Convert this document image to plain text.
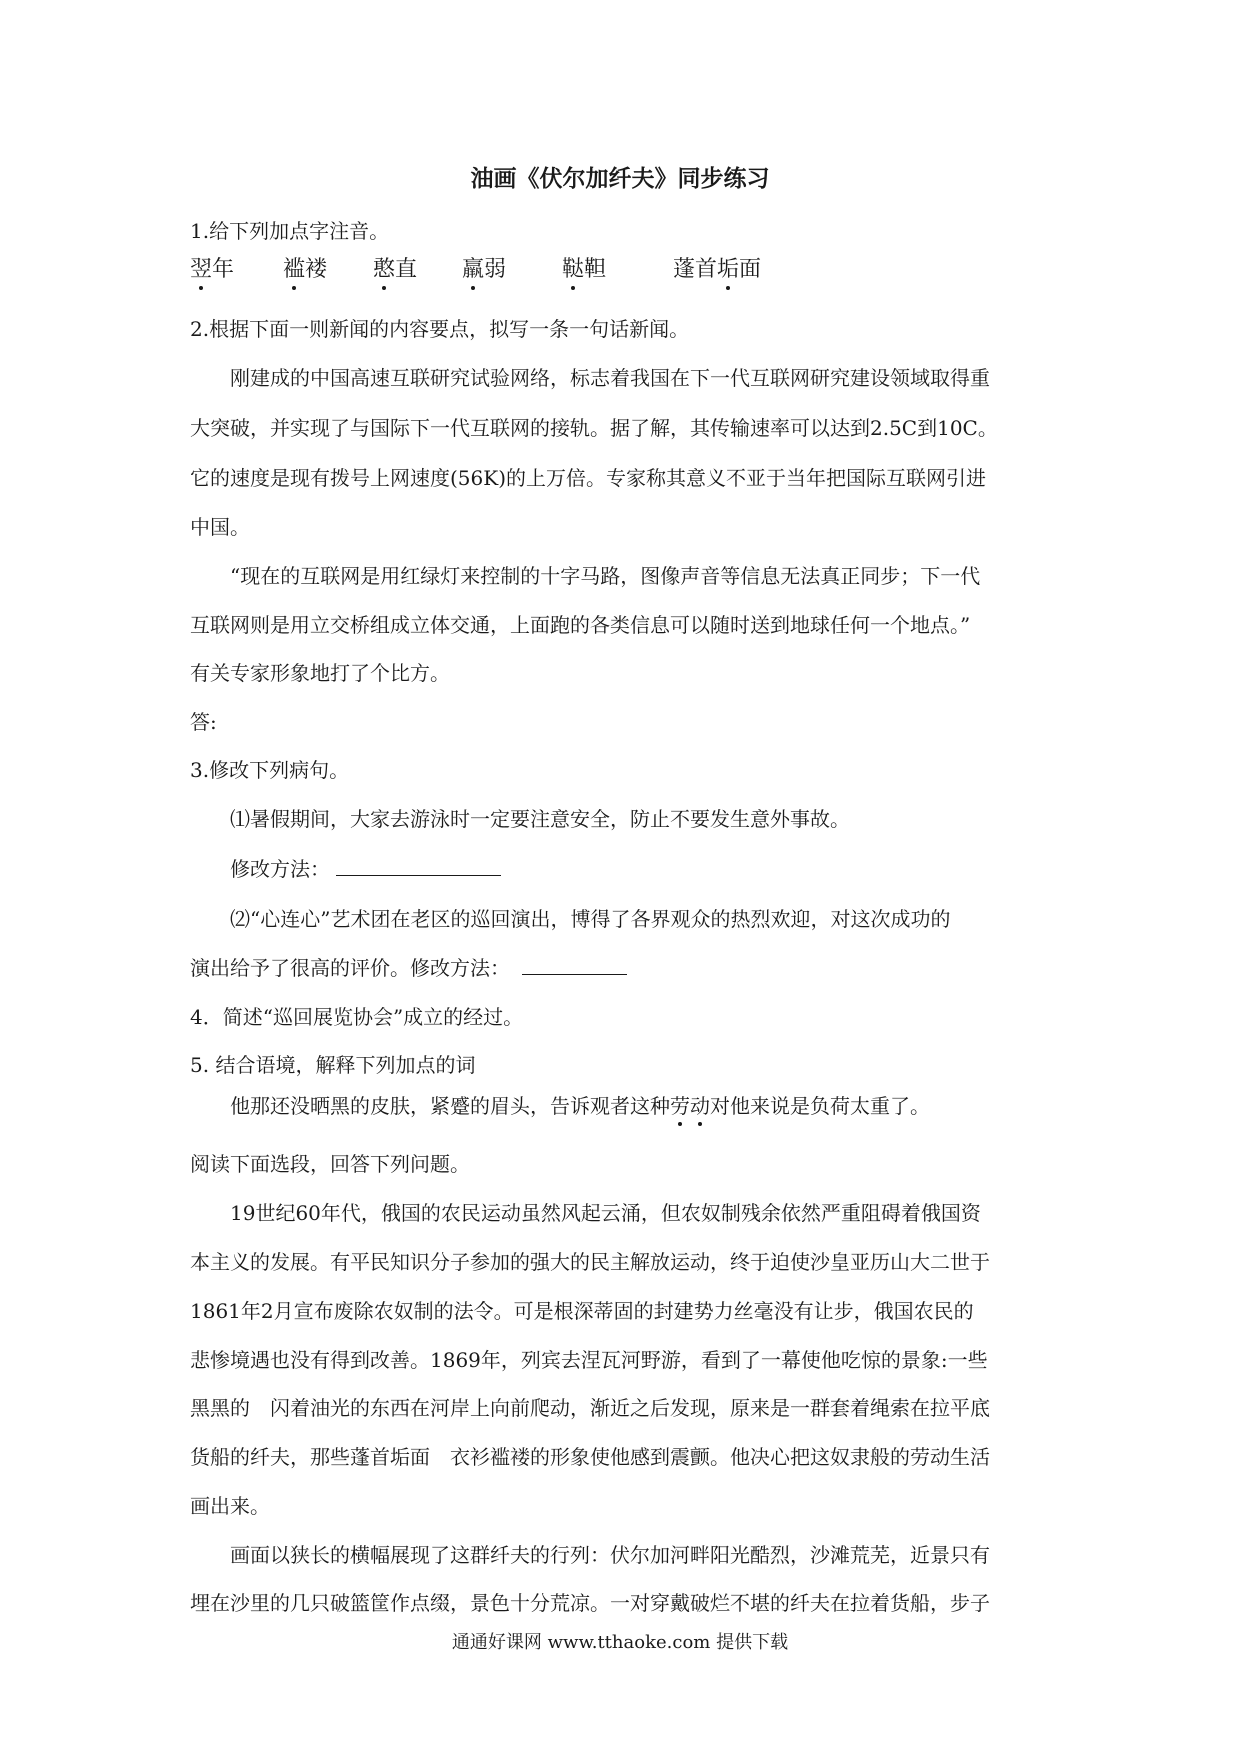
油画《伏尔加纤夫》同步练习
1.给下列加点字注音。
翌年 褴褛 憨直 羸弱	鞑靼	蓬首垢面
2.根据下面一则新闻的内容要点，拟写一条一句话新闻。
刚建成的中国高速互联研究试验网络，标志着我国在下一代互联网研究建设领域取得重
大突破，并实现了与国际下一代互联网的接轨。据了解，其传输速率可以达到2.5C到10C。
它的速度是现有拨号上网速度(56K)的上万倍。专家称其意义不亚于当年把国际互联网引进
中国。
“现在的互联网是用红绿灯来控制的十字马路，图像声音等信息无法真正同步；下一代
互联网则是用立交桥组成立体交通，上面跑的各类信息可以随时送到地球任何一个地点。”
有关专家形象地打了个比方。
答:
3.修改下列病句。
⑴暑假期间，大家去游泳时一定要注意安全，防止不要发生意外事故。
修改方法：
⑵“心连心”艺术团在老区的巡回演出，博得了各界观众的热烈欢迎，对这次成功的
演出给予了很高的评价。修改方法：
4．简述“巡回展览协会”成立的经过。
5. 结合语境，解释下列加点的词
他那还没晒黑的皮肤，紧蹙的眉头，告诉观者这种劳动对他来说是负荷太重了。
阅读下面选段，回答下列问题。
19世纪60年代，俄国的农民运动虽然风起云涌，但农奴制残余依然严重阻碍着俄国资
本主义的发展。有平民知识分子参加的强大的民主解放运动，终于迫使沙皇亚历山大二世于
1861年2月宣布废除农奴制的法令。可是根深蒂固的封建势力丝毫没有让步，俄国农民的
悲惨境遇也没有得到改善。1869年，列宾去涅瓦河野游，看到了一幕使他吃惊的景象:一些
黑黑的　闪着油光的东西在河岸上向前爬动，渐近之后发现，原来是一群套着绳索在拉平底
货船的纤夫，那些蓬首垢面　衣衫褴褛的形象使他感到震颤。他决心把这奴隶般的劳动生活
画出来。
画面以狭长的横幅展现了这群纤夫的行列：伏尔加河畔阳光酷烈，沙滩荒芜，近景只有
埋在沙里的几只破篮筐作点缀，景色十分荒凉。一对穿戴破烂不堪的纤夫在拉着货船，步子
通通好课网 www.tthaoke.com 提供下载
